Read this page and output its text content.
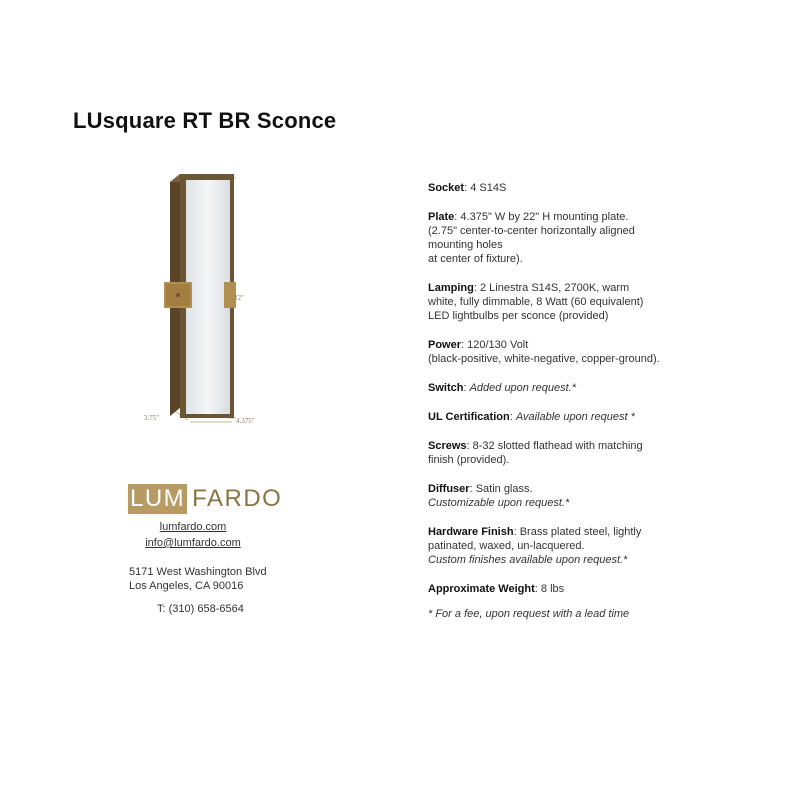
LUsquare RT BR Sconce
22"
3.75"	4.375"
LUM FARDO
lumfardo.com
info@lumfardo.com
5171 West Washington Blvd
Los Angeles, CA 90016
T: (310) 658-6564

Socket: 4 S14S

Plate: 4.375" W by 22" H mounting plate.
(2.75" center-to-center horizontally aligned
mounting holes
at center of fixture).

Lamping: 2 Linestra S14S, 2700K, warm
white, fully dimmable, 8 Watt (60 equivalent)
LED lightbulbs per sconce (provided)

Power: 120/130 Volt
(black-positive, white-negative, copper-ground).

Switch: Added upon request.*

UL Certification: Available upon request *

Screws: 8-32 slotted flathead with matching
finish (provided).

Diffuser: Satin glass.
Customizable upon request.*

Hardware Finish: Brass plated steel, lightly
patinated, waxed, un-lacquered.
Custom finishes available upon request.*

Approximate Weight: 8 lbs

* For a fee, upon request with a lead time
